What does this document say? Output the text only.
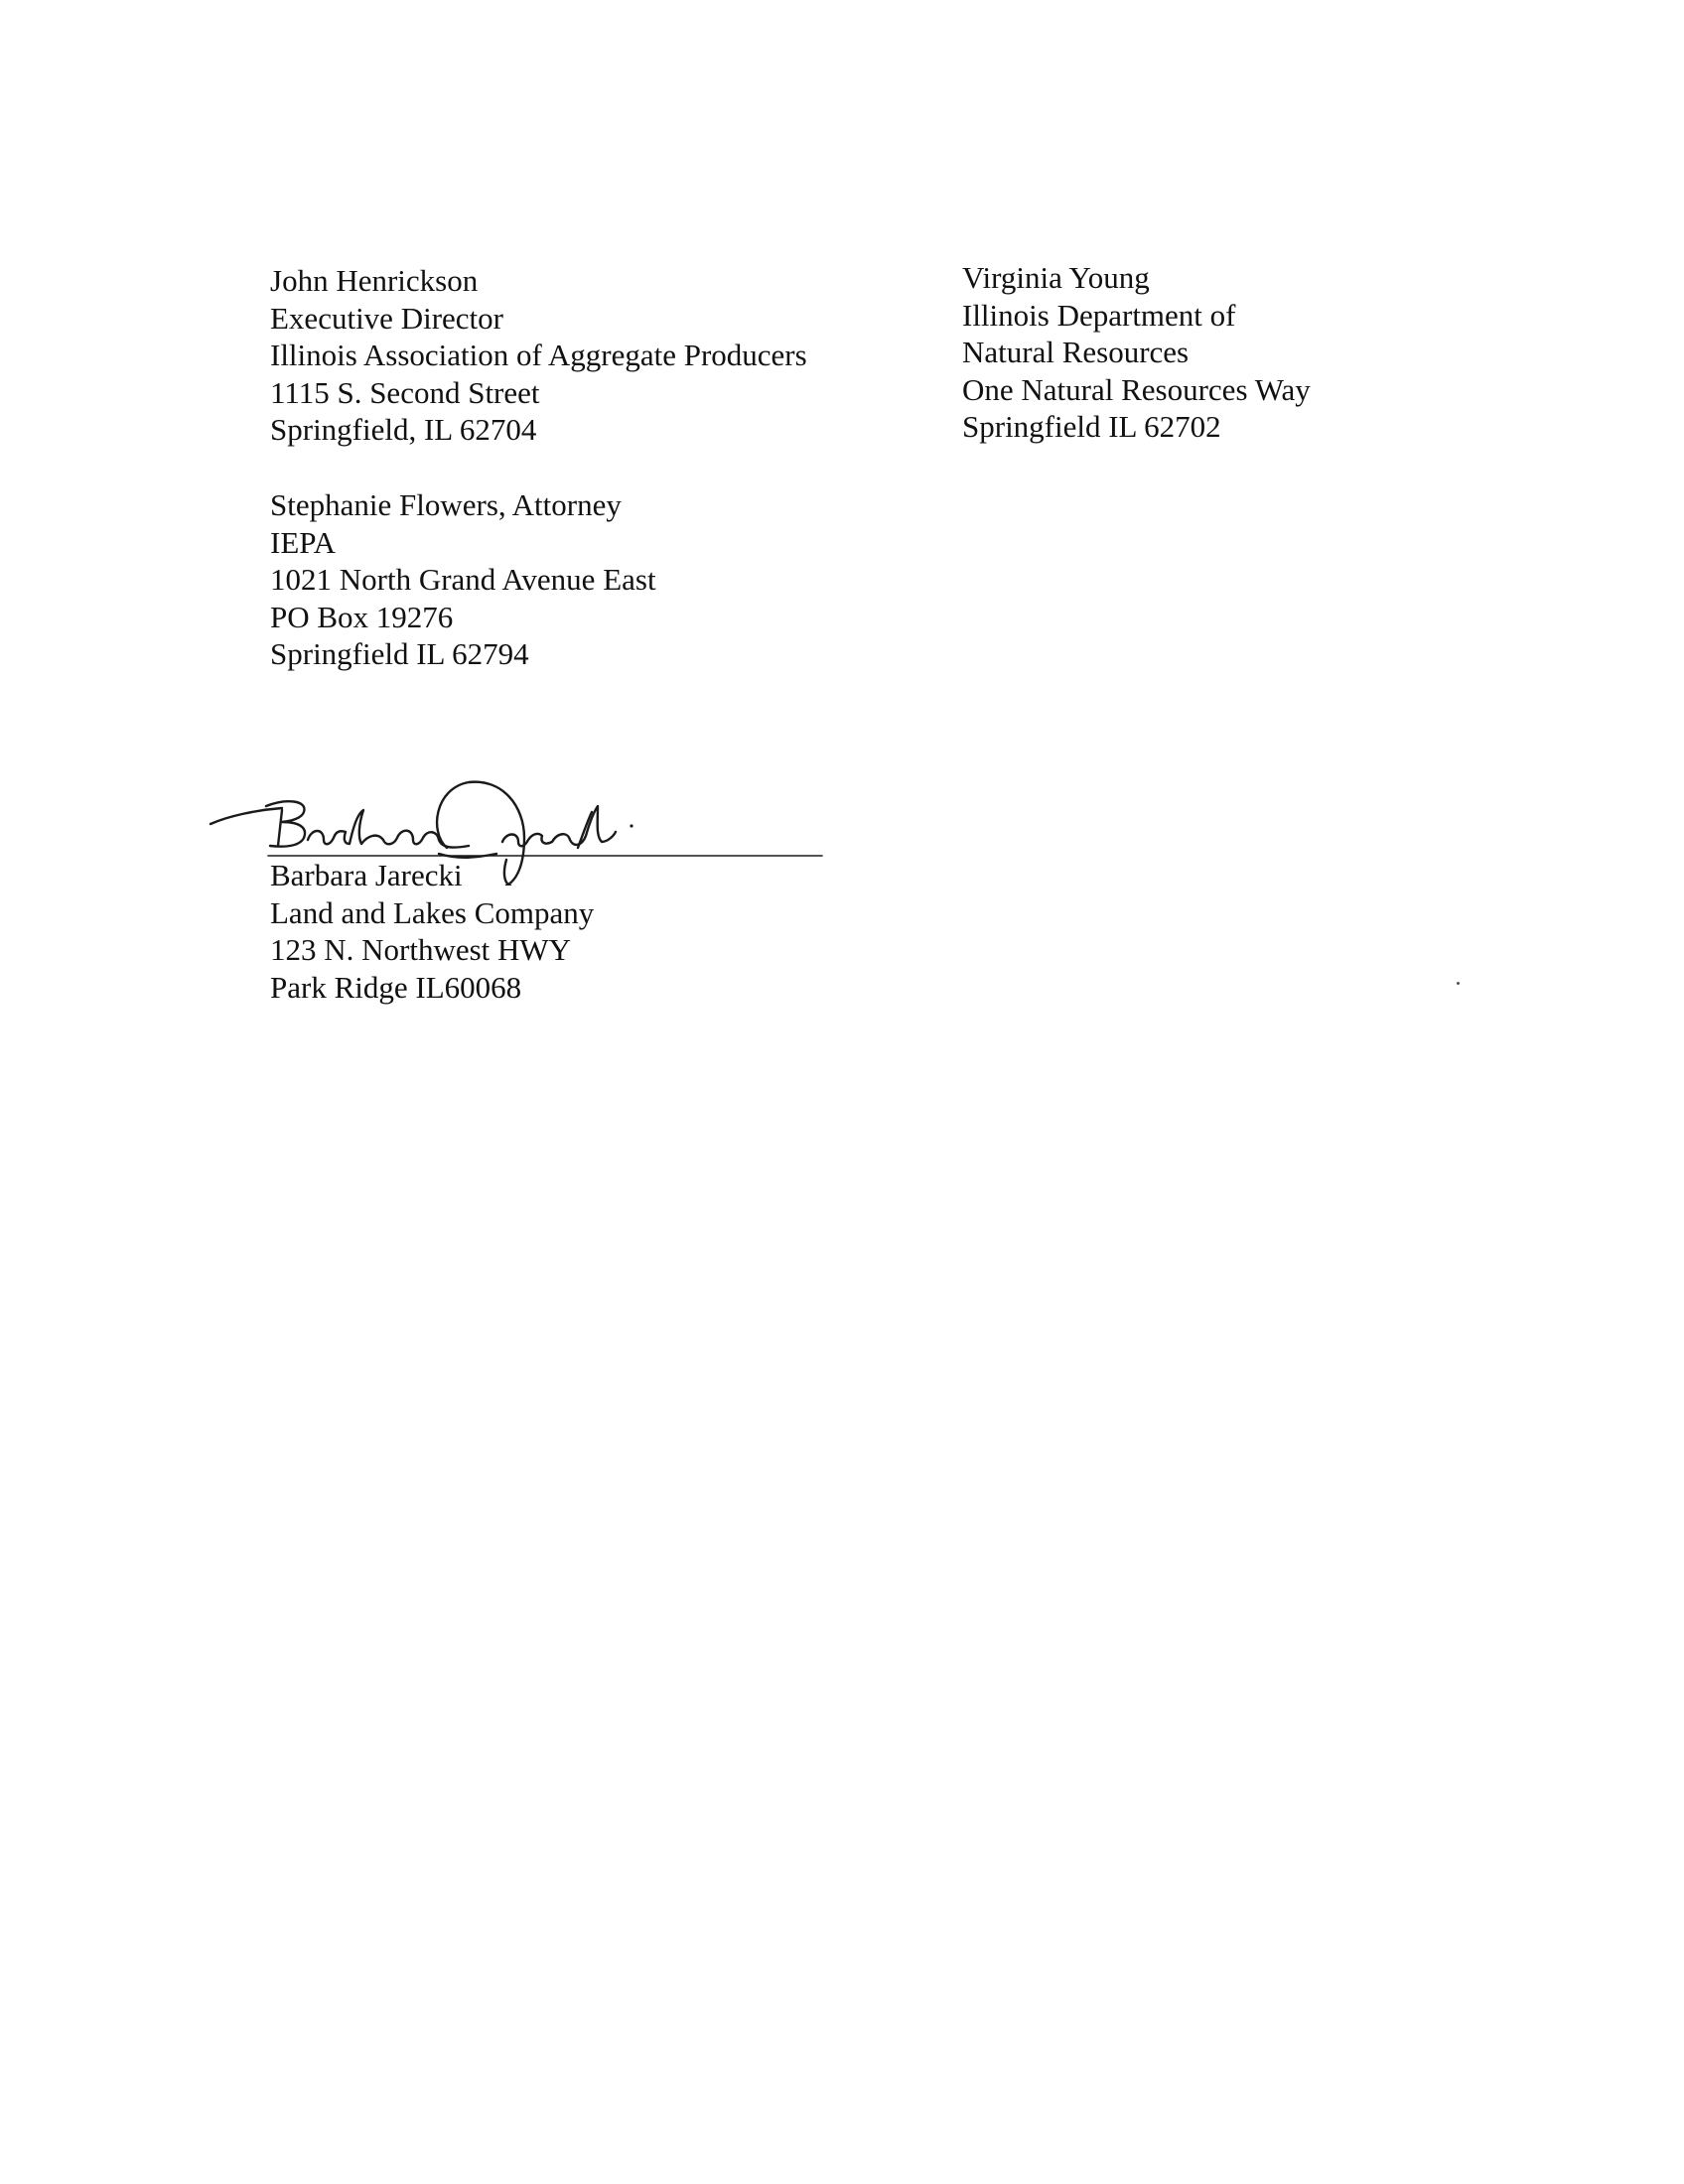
John Henrickson
Executive Director
Illinois Association of Aggregate Producers
1115 S. Second Street
Springfield, IL 62704
Virginia Young
Illinois Department of
Natural Resources
One Natural Resources Way
Springfield IL 62702
Stephanie Flowers, Attorney
IEPA
1021 North Grand Avenue East
PO Box 19276
Springfield IL 62794
Barbara Jarecki
Land and Lakes Company
123 N. Northwest HWY
Park Ridge IL60068
